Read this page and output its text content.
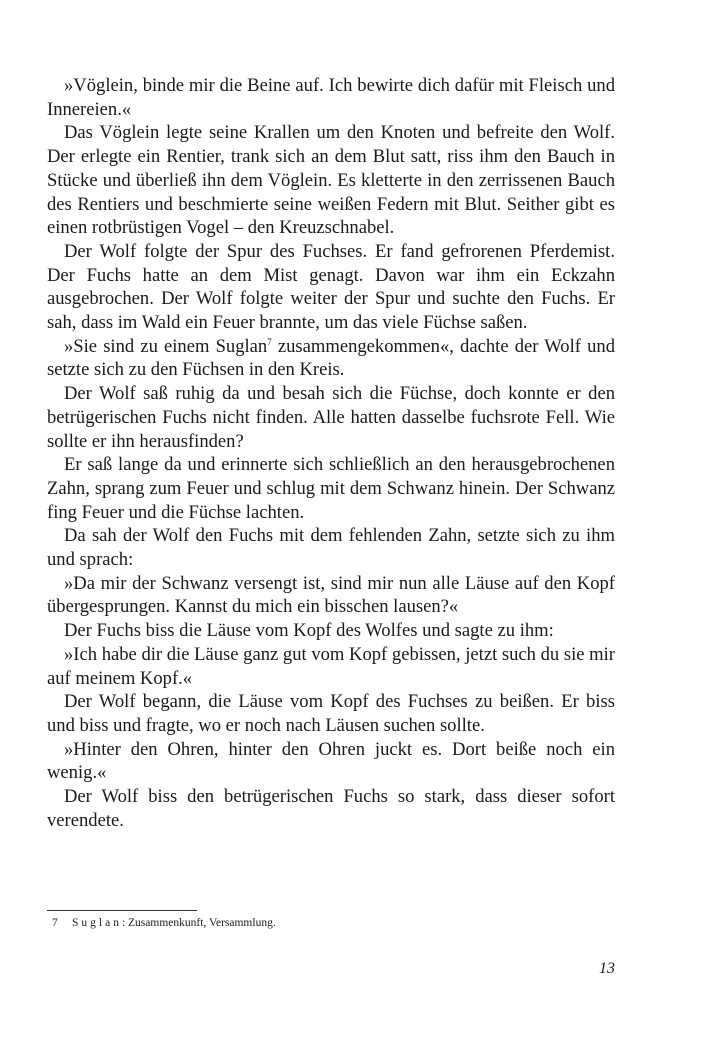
»Vöglein, binde mir die Beine auf. Ich bewirte dich dafür mit Fleisch und Innereien.«

Das Vöglein legte seine Krallen um den Knoten und befreite den Wolf. Der erlegte ein Rentier, trank sich an dem Blut satt, riss ihm den Bauch in Stücke und überließ ihn dem Vöglein. Es kletterte in den zerrissenen Bauch des Rentiers und beschmierte seine weißen Federn mit Blut. Seither gibt es einen rotbrüstigen Vogel – den Kreuzschnabel.

Der Wolf folgte der Spur des Fuchses. Er fand gefrorenen Pferdemist. Der Fuchs hatte an dem Mist genagt. Davon war ihm ein Eckzahn ausgebrochen. Der Wolf folgte weiter der Spur und suchte den Fuchs. Er sah, dass im Wald ein Feuer brannte, um das viele Füchse saßen.

»Sie sind zu einem Suglan$^7$ zusammengekommen«, dachte der Wolf und setzte sich zu den Füchsen in den Kreis.

Der Wolf saß ruhig da und besah sich die Füchse, doch konnte er den betrügerischen Fuchs nicht finden. Alle hatten dasselbe fuchsrote Fell. Wie sollte er ihn herausfinden?

Er saß lange da und erinnerte sich schließlich an den herausgebrochenen Zahn, sprang zum Feuer und schlug mit dem Schwanz hinein. Der Schwanz fing Feuer und die Füchse lachten.

Da sah der Wolf den Fuchs mit dem fehlenden Zahn, setzte sich zu ihm und sprach:

»Da mir der Schwanz versengt ist, sind mir nun alle Läuse auf den Kopf übergesprungen. Kannst du mich ein bisschen lausen?«

Der Fuchs biss die Läuse vom Kopf des Wolfes und sagte zu ihm:

»Ich habe dir die Läuse ganz gut vom Kopf gebissen, jetzt such du sie mir auf meinem Kopf.«

Der Wolf begann, die Läuse vom Kopf des Fuchses zu beißen. Er biss und biss und fragte, wo er noch nach Läusen suchen sollte.

»Hinter den Ohren, hinter den Ohren juckt es. Dort beiße noch ein wenig.«

Der Wolf biss den betrügerischen Fuchs so stark, dass dieser sofort verendete.

7 Suglan: Zusammenkunft, Versammlung.
13
